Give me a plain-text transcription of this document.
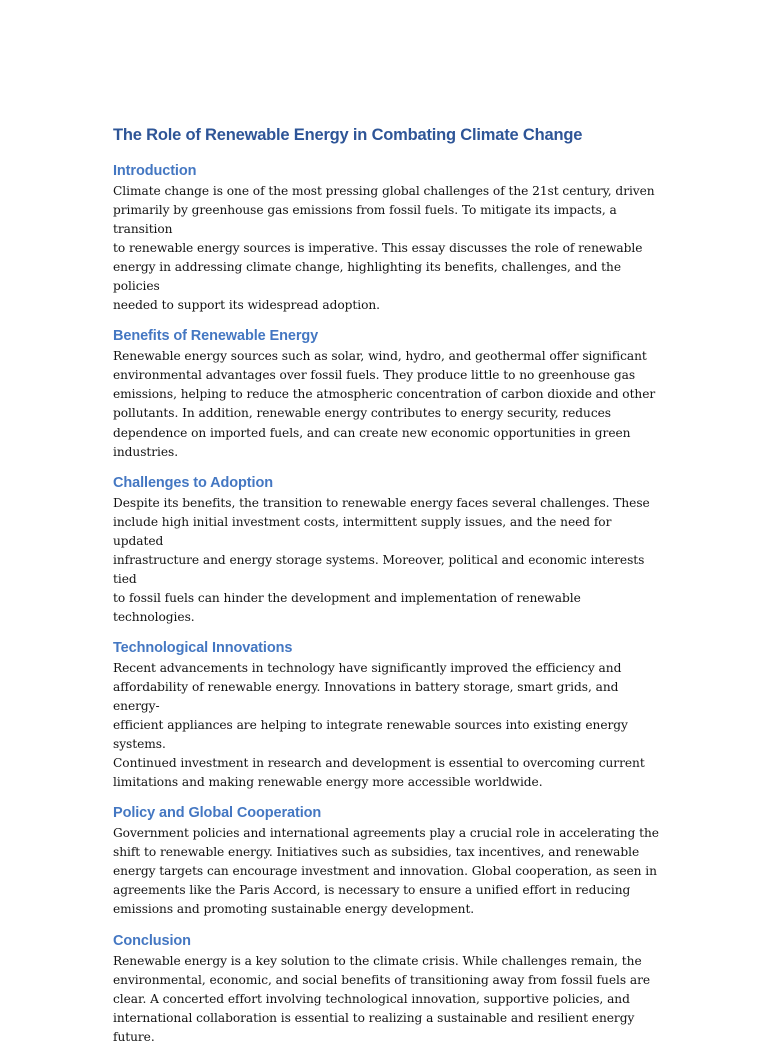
The Role of Renewable Energy in Combating Climate Change
Introduction

Climate change is one of the most pressing global challenges of the 21st century, driven
primarily by greenhouse gas emissions from fossil fuels. To mitigate its impacts, a transition
to renewable energy sources is imperative. This essay discusses the role of renewable
energy in addressing climate change, highlighting its benefits, challenges, and the policies
needed to support its widespread adoption.

Benefits of Renewable Energy

Renewable energy sources such as solar, wind, hydro, and geothermal offer significant
environmental advantages over fossil fuels. They produce little to no greenhouse gas
emissions, helping to reduce the atmospheric concentration of carbon dioxide and other
pollutants. In addition, renewable energy contributes to energy security, reduces
dependence on imported fuels, and can create new economic opportunities in green
industries.

Challenges to Adoption

Despite its benefits, the transition to renewable energy faces several challenges. These
include high initial investment costs, intermittent supply issues, and the need for updated
infrastructure and energy storage systems. Moreover, political and economic interests tied
to fossil fuels can hinder the development and implementation of renewable technologies.

Technological Innovations

Recent advancements in technology have significantly improved the efficiency and
affordability of renewable energy. Innovations in battery storage, smart grids, and energy-
efficient appliances are helping to integrate renewable sources into existing energy systems.
Continued investment in research and development is essential to overcoming current
limitations and making renewable energy more accessible worldwide.

Policy and Global Cooperation

Government policies and international agreements play a crucial role in accelerating the
shift to renewable energy. Initiatives such as subsidies, tax incentives, and renewable
energy targets can encourage investment and innovation. Global cooperation, as seen in
agreements like the Paris Accord, is necessary to ensure a unified effort in reducing
emissions and promoting sustainable energy development.

Conclusion

Renewable energy is a key solution to the climate crisis. While challenges remain, the
environmental, economic, and social benefits of transitioning away from fossil fuels are
clear. A concerted effort involving technological innovation, supportive policies, and
international collaboration is essential to realizing a sustainable and resilient energy future.
